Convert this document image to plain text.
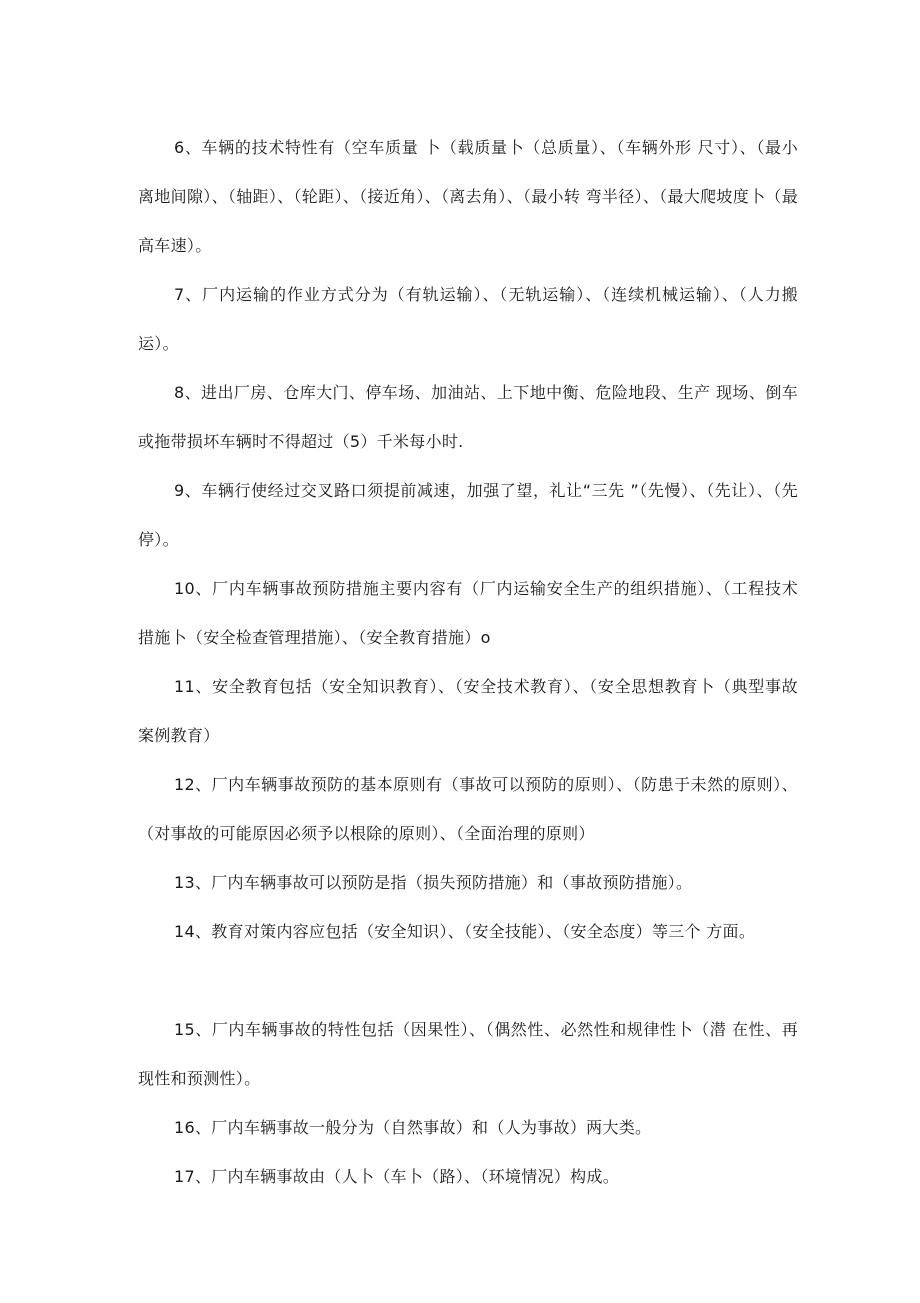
6、车辆的技术特性有（空车质量 卜（载质量卜（总质量）、（车辆外形 尺寸）、（最小离地间隙）、（轴距）、（轮距）、（接近角）、（离去角）、（最小转 弯半径）、（最大爬坡度卜（最高车速）。

7、厂内运输的作业方式分为（有轨运输）、（无轨运输）、（连续机械运输）、（人力搬运）。

8、进出厂房、仓库大门、停车场、加油站、上下地中衡、危险地段、生产 现场、倒车或拖带损坏车辆时不得超过（5）千米每小时.

9、车辆行使经过交叉路口须提前减速，加强了望，礼让“三先 ”（先慢）、（先让）、（先停）。

10、厂内车辆事故预防措施主要内容有（厂内运输安全生产的组织措施）、（工程技术措施卜（安全检查管理措施）、（安全教育措施）o

11、安全教育包括（安全知识教育）、（安全技术教育）、（安全思想教育卜（典型事故案例教育）

12、厂内车辆事故预防的基本原则有（事故可以预防的原则）、（防患于未然的原则）、（对事故的可能原因必须予以根除的原则）、（全面治理的原则）

13、厂内车辆事故可以预防是指（损失预防措施）和（事故预防措施）。

14、教育对策内容应包括（安全知识）、（安全技能）、（安全态度）等三个 方面。

15、厂内车辆事故的特性包括（因果性）、（偶然性、必然性和规律性卜（潜 在性、再现性和预测性）。

16、厂内车辆事故一般分为（自然事故）和（人为事故）两大类。

17、厂内车辆事故由（人卜（车卜（路）、（环境情况）构成。
